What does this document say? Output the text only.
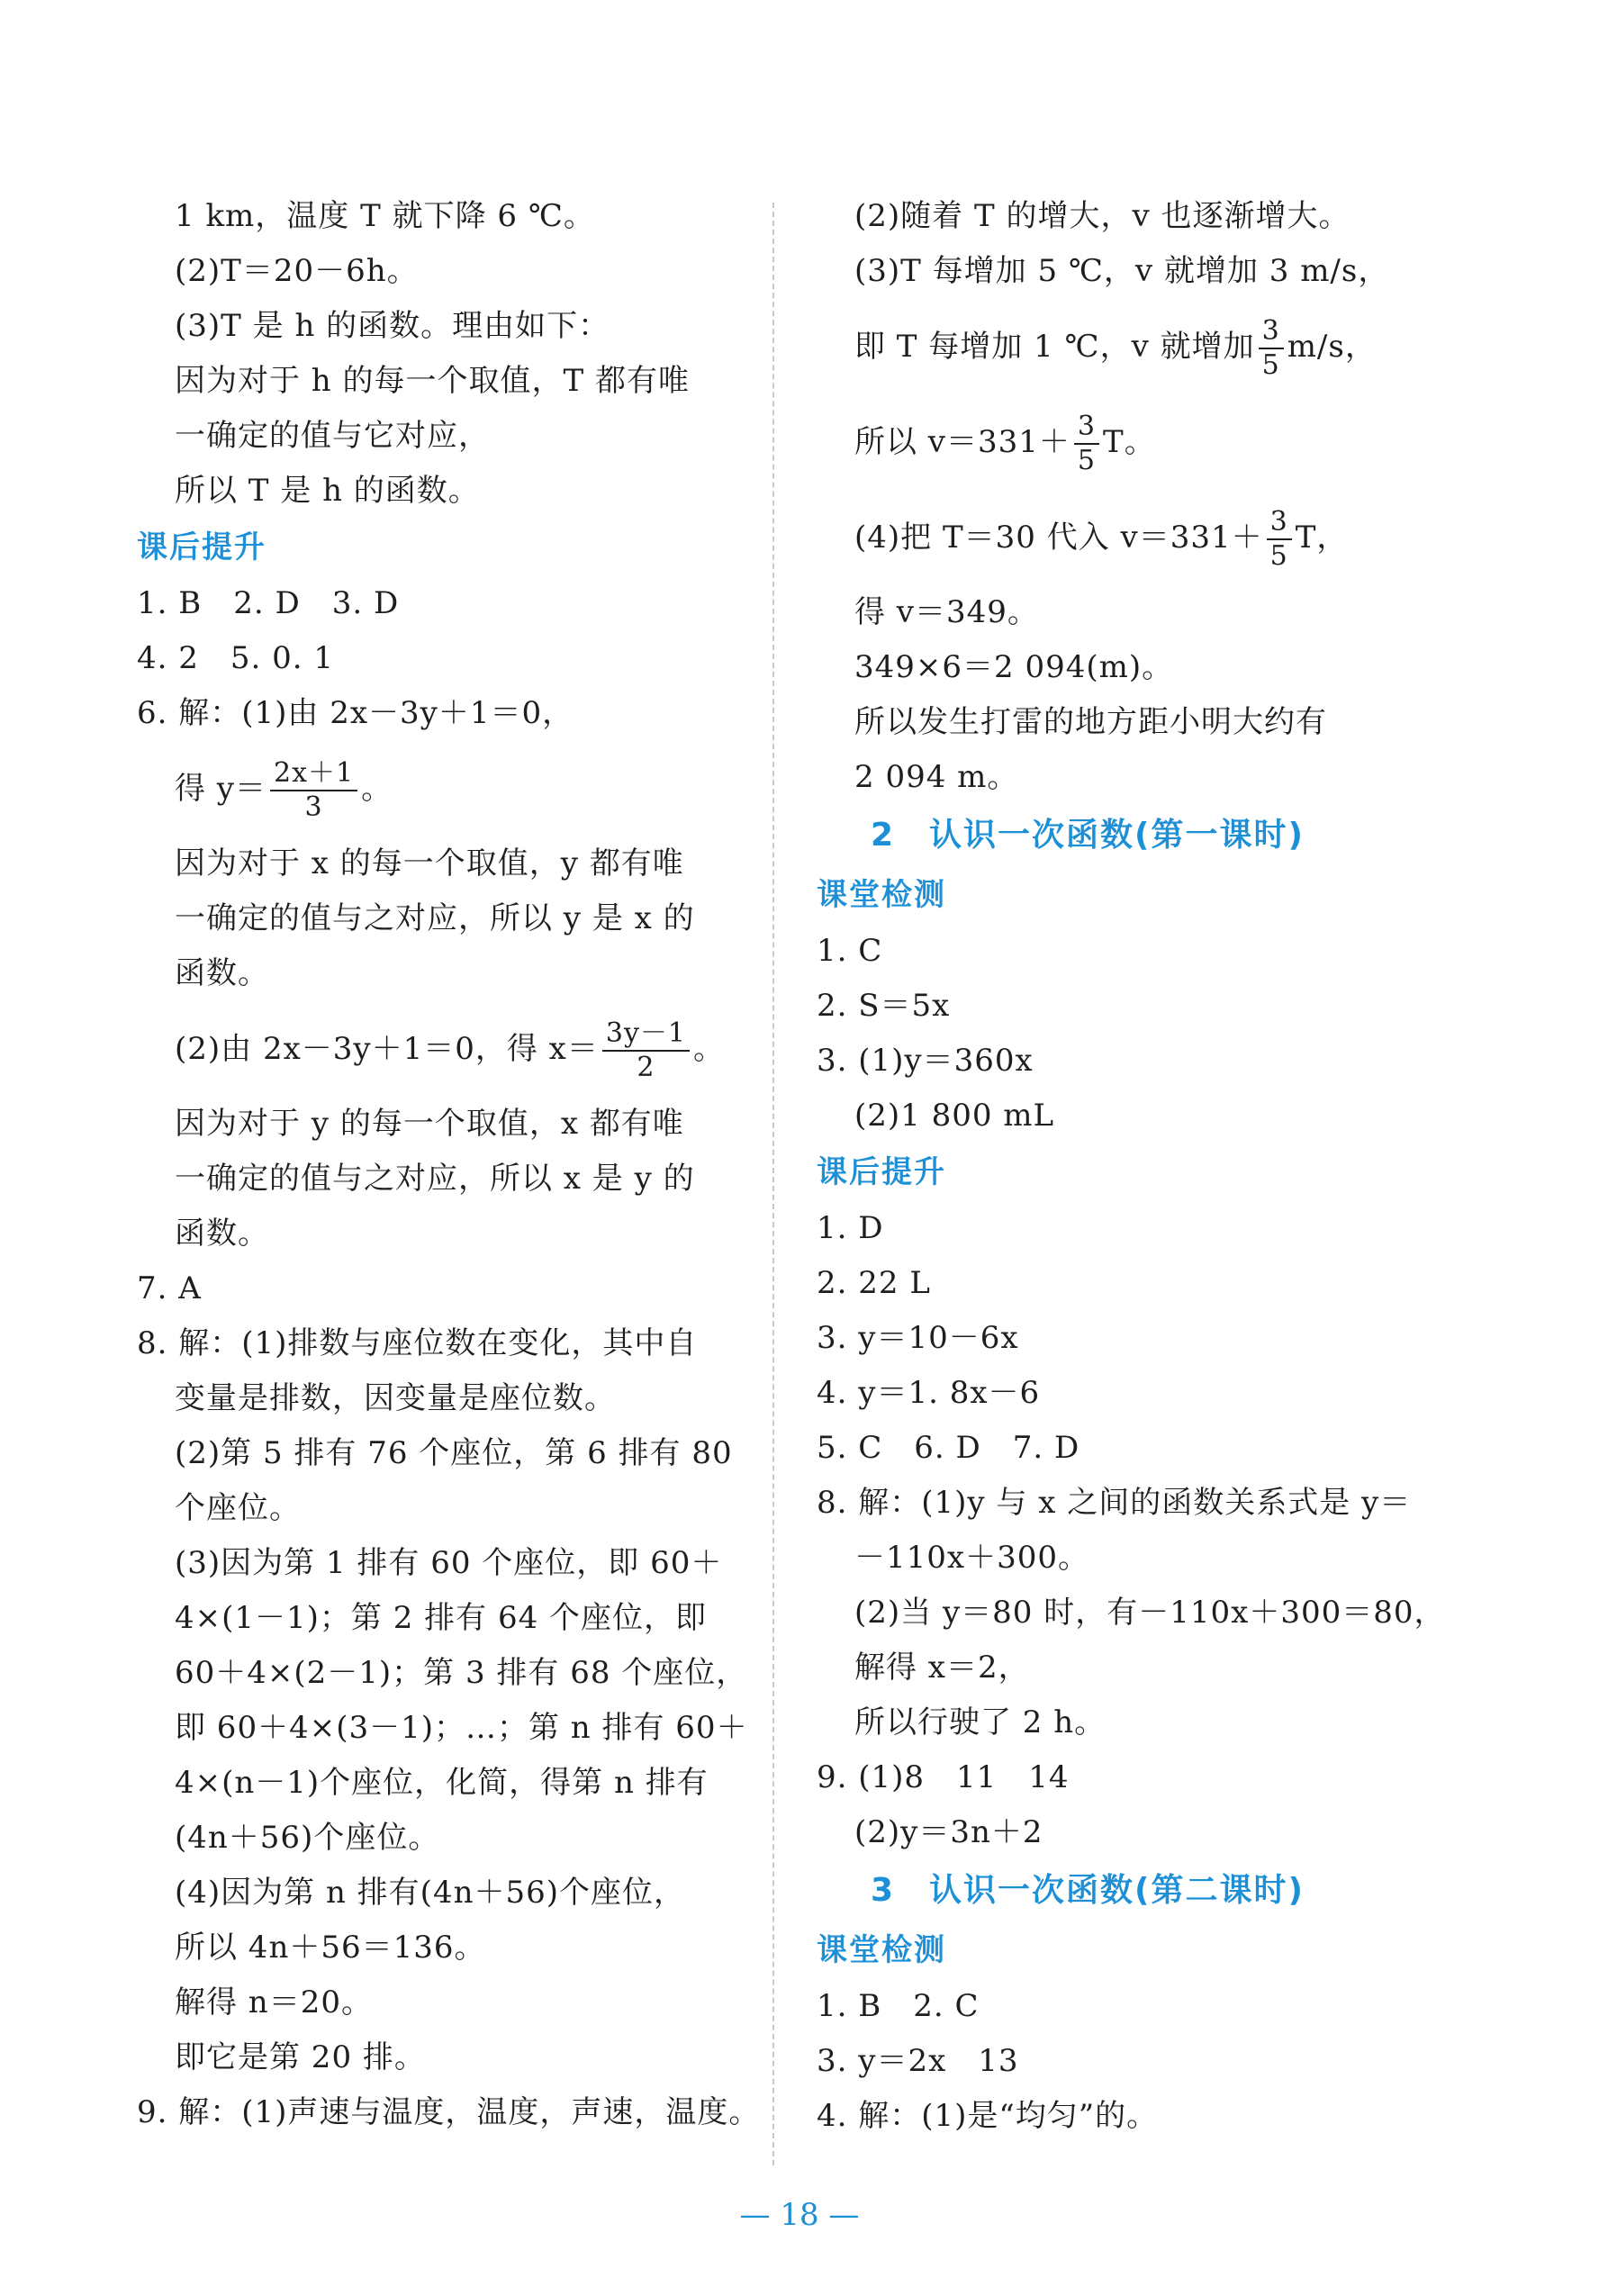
1 km，温度 T 就下降 6 ℃。
(2)T＝20－6h。
(3)T 是 h 的函数。理由如下：
因为对于 h 的每一个取值，T 都有唯
一确定的值与它对应，
所以 T 是 h 的函数。
课后提升
1. B　2. D　3. D
4. 2　5. 0. 1
6. 解：(1)由 2x－3y＋1＝0，
得 $y= \frac{2x+1}{3}$ 。
因为对于 x 的每一个取值，y 都有唯
一确定的值与之对应，所以 y 是 x 的
函数。
(2)由 2x－3y＋1＝0，得 $x= \frac{3y-1}{2}$ 。
因为对于 y 的每一个取值，x 都有唯
一确定的值与之对应，所以 x 是 y 的
函数。
7. A
8. 解：(1)排数与座位数在变化，其中自
变量是排数，因变量是座位数。
(2)第 5 排有 76 个座位，第 6 排有 80
个座位。
(3)因为第 1 排有 60 个座位，即 60＋
4×(1－1)；第 2 排有 64 个座位，即
60＋4×(2－1)；第 3 排有 68 个座位，
即 60＋4×(3－1)；…；第 n 排有 60＋
4×(n－1)个座位，化简，得第 n 排有
(4n＋56)个座位。
(4)因为第 n 排有(4n＋56)个座位，
所以 4n＋56＝136。
解得 n＝20。
即它是第 20 排。
9. 解：(1)声速与温度，温度，声速，温度。
(2)随着 T 的增大，v 也逐渐增大。
(3)T 每增加 5 ℃，v 就增加 3 m/s，
即 T 每增加 1 ℃，v 就增加 $\frac{3}{5} m/s$，
所以 $v=331+ \frac{3}{5}$ T。
(4)把 T＝30 代入 $v=331+ \frac{3}{5}$ T，
得 v＝349。
349×6＝2 094(m)。
所以发生打雷的地方距小明大约有
2 094 m。
2　认识一次函数(第一课时)
课堂检测
1. C
2. S＝5x
3. (1)y＝360x
(2)1 800 mL
课后提升
1. D
2. 22 L
3. y＝10－6x
4. y＝1. 8x－6
5. C　6. D　7. D
8. 解：(1)y 与 x 之间的函数关系式是 y＝
－110x＋300。
(2)当 y＝80 时，有－110x＋300＝80，
解得 x＝2，
所以行驶了 2 h。
9. (1)8　11　14
(2)y＝3n＋2
3　认识一次函数(第二课时)
课堂检测
1. B　2. C
3. y＝2x　13
4. 解：(1)是“均匀”的。
— 18 —
